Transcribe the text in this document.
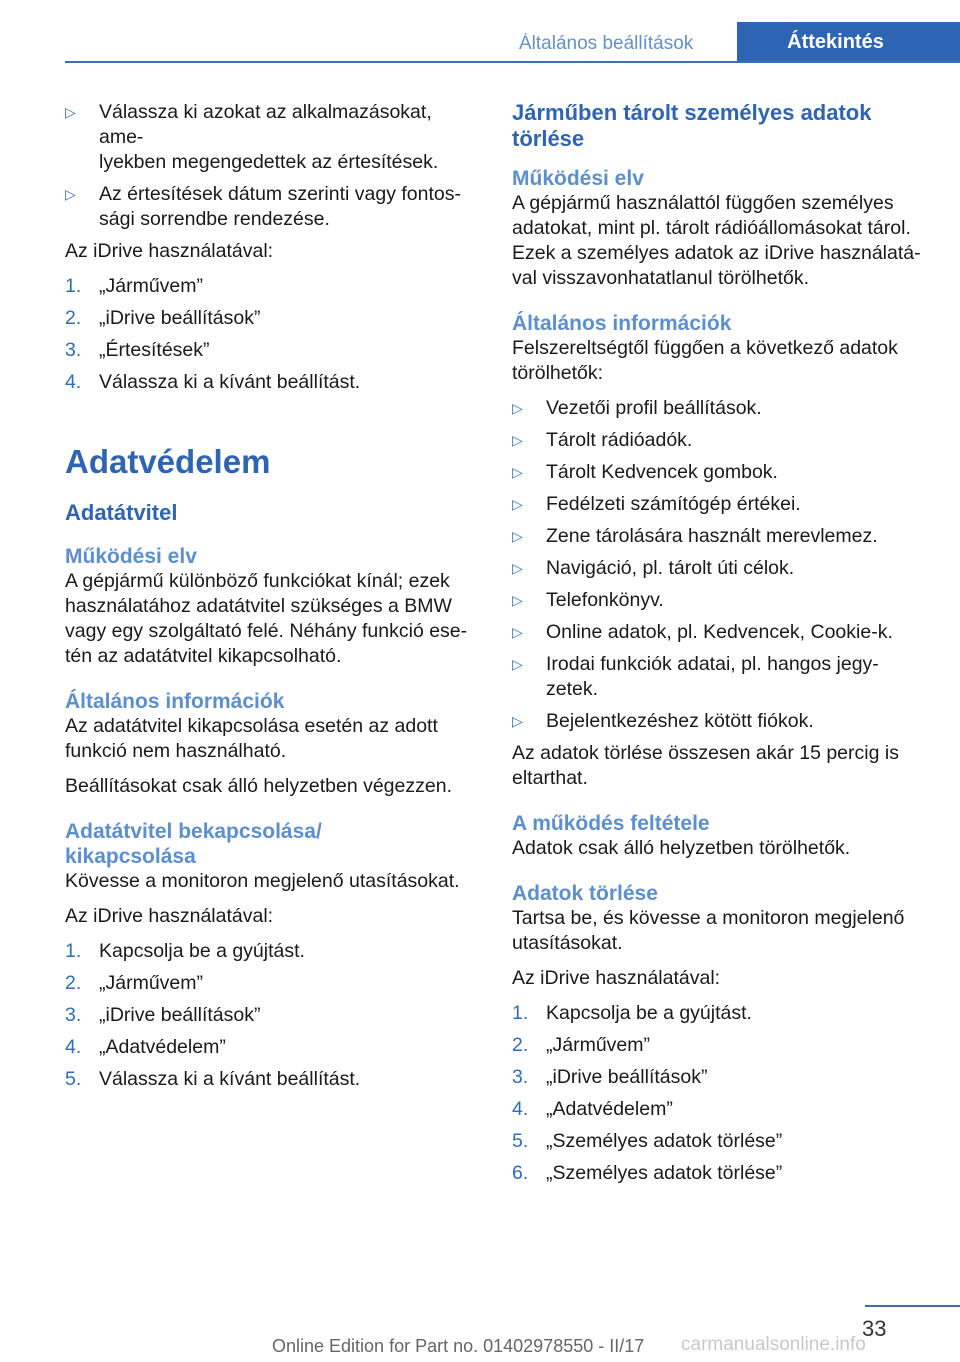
Általános beállítások	Áttekintés
▷ Válassza ki azokat az alkalmazásokat, ame-
lyekben megengedettek az értesítések.
▷ Az értesítések dátum szerinti vagy fontos-
sági sorrendbe rendezése.

Az iDrive használatával:

1. „Járművem”
2. „iDrive beállítások”
3. „Értesítések”
4. Válassza ki a kívánt beállítást.
Adatvédelem
Adatátvitel
Működési elv

A gépjármű különböző funkciókat kínál; ezek használatához adatátvitel szükséges a BMW vagy egy szolgáltató felé. Néhány funkció ese-tén az adatátvitel kikapcsolható.

Általános információk

Az adatátvitel kikapcsolása esetén az adott funkció nem használható.

Beállításokat csak álló helyzetben végezzen.

Adatátvitel bekapcsolása/ kikapcsolása

Kövesse a monitoron megjelenő utasításokat.

Az iDrive használatával:

1. Kapcsolja be a gyújtást.
2. „Járművem”
3. „iDrive beállítások”
4. „Adatvédelem”
5. Válassza ki a kívánt beállítást.
Járműben tárolt személyes adatok törlése
Működési elv

A gépjármű használattól függően személyes adatokat, mint pl. tárolt rádióállomásokat tárol. Ezek a személyes adatok az iDrive használatá-val visszavonhatatlanul törölhetők.

Általános információk

Felszereltségtől függően a következő adatok törölhetők:

▷ Vezetői profil beállítások.
▷ Tárolt rádióadók.
▷ Tárolt Kedvencek gombok.
▷ Fedélzeti számítógép értékei.
▷ Zene tárolására használt merevlemez.
▷ Navigáció, pl. tárolt úti célok.
▷ Telefonkönyv.
▷ Online adatok, pl. Kedvencek, Cookie-k.
▷ Irodai funkciók adatai, pl. hangos jegy-
zetek.
▷ Bejelentkezéshez kötött fiókok.

Az adatok törlése összesen akár 15 percig is eltarthat.

A működés feltétele

Adatok csak álló helyzetben törölhetők.

Adatok törlése

Tartsa be, és kövesse a monitoron megjelenő utasításokat.

Az iDrive használatával:

1. Kapcsolja be a gyújtást.
2. „Járművem”
3. „iDrive beállítások”
4. „Adatvédelem”
5. „Személyes adatok törlése”
6. „Személyes adatok törlése”
33
Online Edition for Part no. 01402978550 - II/17 carmanualsonline.info
